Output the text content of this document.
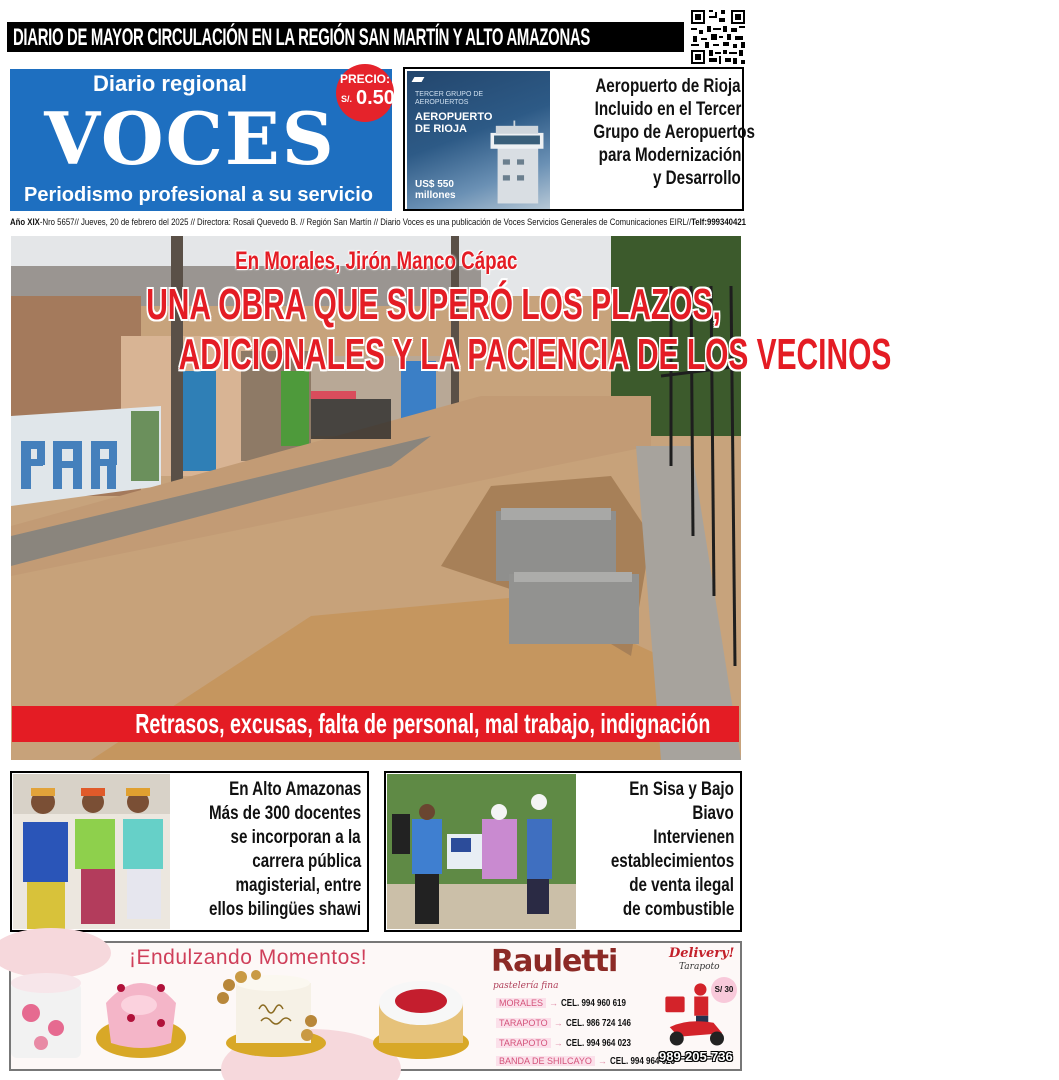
DIARIO DE MAYOR CIRCULACIÓN EN LA REGIÓN SAN MARTÍN Y ALTO AMAZONAS
Diario regional
VOCES
Periodismo profesional a su servicio
PRECIO:
S/. 0.50	TERCER GRUPO DE AEROPUERTOS
AEROPUERTO DE RIOJA
US$ 550 millones
Aeropuerto de Rioja
Incluido en el Tercer
Grupo de Aeropuertos
para Modernización
y Desarrollo
Año XIX-Nro 5657// Jueves, 20 de febrero del 2025 // Directora: Rosali Quevedo B. // Región San Martín // Diario Voces es una publicación de Voces Servicios Generales de Comunicaciones EIRL//Telf:999340421
En Morales, Jirón Manco Cápac
UNA OBRA QUE SUPERÓ LOS PLAZOS,
ADICIONALES Y LA PACIENCIA DE LOS VECINOS
Retrasos, excusas, falta de personal, mal trabajo, indignación
En Alto Amazonas
Más de 300 docentes
se incorporan a la
carrera pública
magisterial, entre
ellos bilingües shawi
En Sisa y Bajo
Biavo
Intervienen
establecimientos
de venta ilegal
de combustible
¡Endulzando Momentos!	Rauletti
pastelería fina
MORALES → CEL. 994 960 619
TARAPOTO → CEL. 986 724 146
TARAPOTO → CEL. 994 964 023
BANDA DE SHILCAYO → CEL. 994 964 023
Delivery!
Tarapoto
S/ 30
989-205-736
